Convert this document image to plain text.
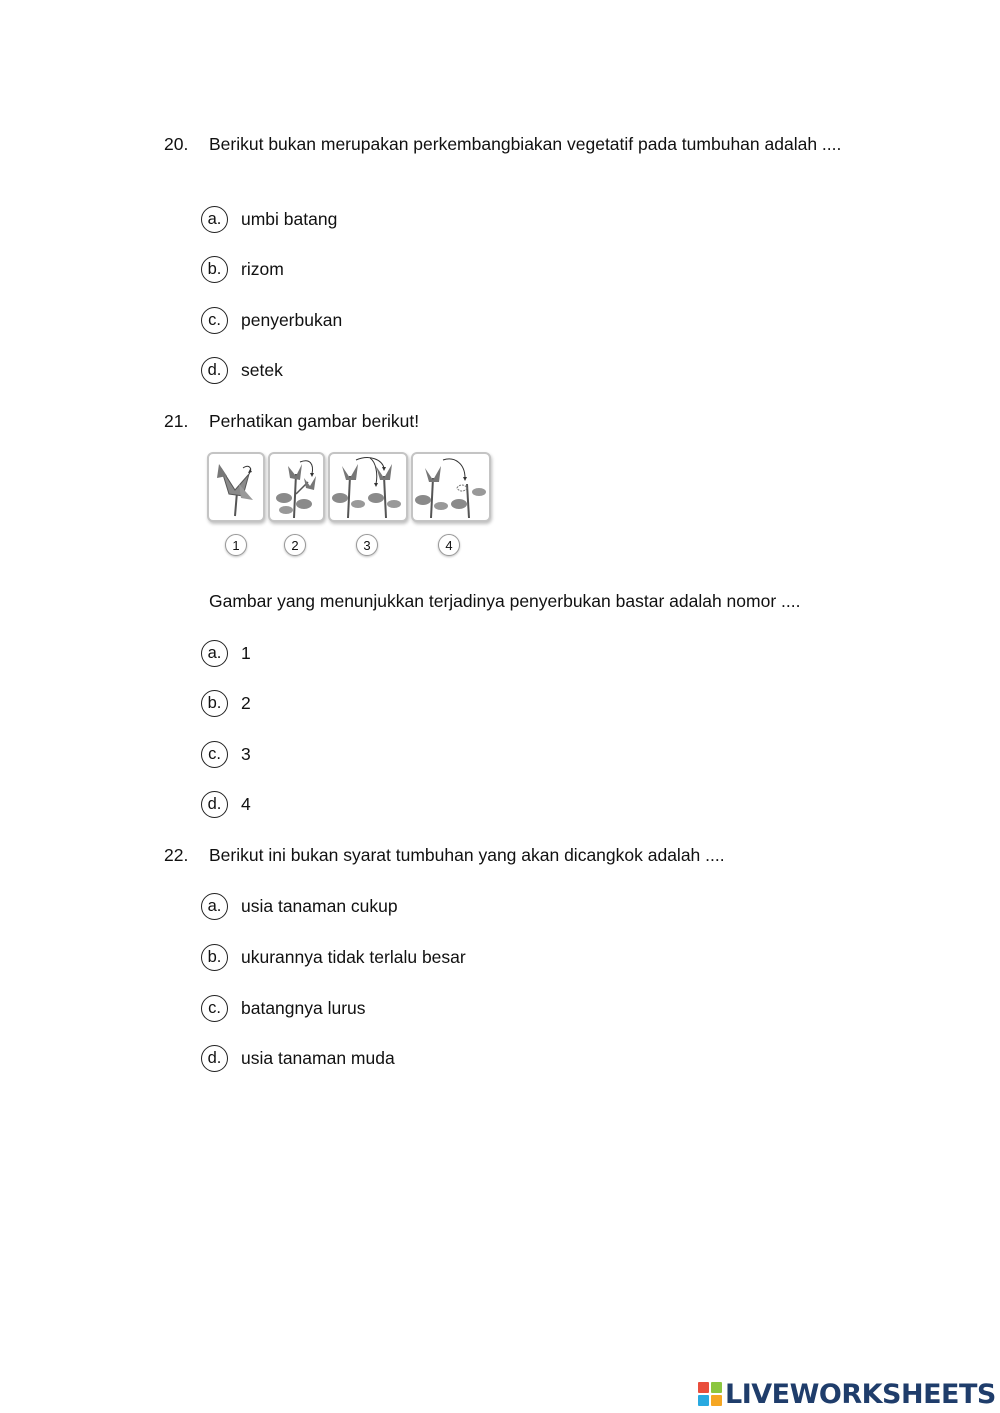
20. Berikut bukan merupakan perkembangbiakan vegetatif pada tumbuhan adalah ....
a.	umbi batang
b.	rizom
c.	penyerbukan
d.	setek
21. Perhatikan gambar berikut!
1	2	3	4
Gambar yang menunjukkan terjadinya penyerbukan bastar adalah nomor ....
a.	1
b.	2
c.	3
d.	4
22. Berikut ini bukan syarat tumbuhan yang akan dicangkok adalah ....
a.	usia tanaman cukup
b.	ukurannya tidak terlalu besar
c.	batangnya lurus
d.	usia tanaman muda
LIVEWORKSHEETS
